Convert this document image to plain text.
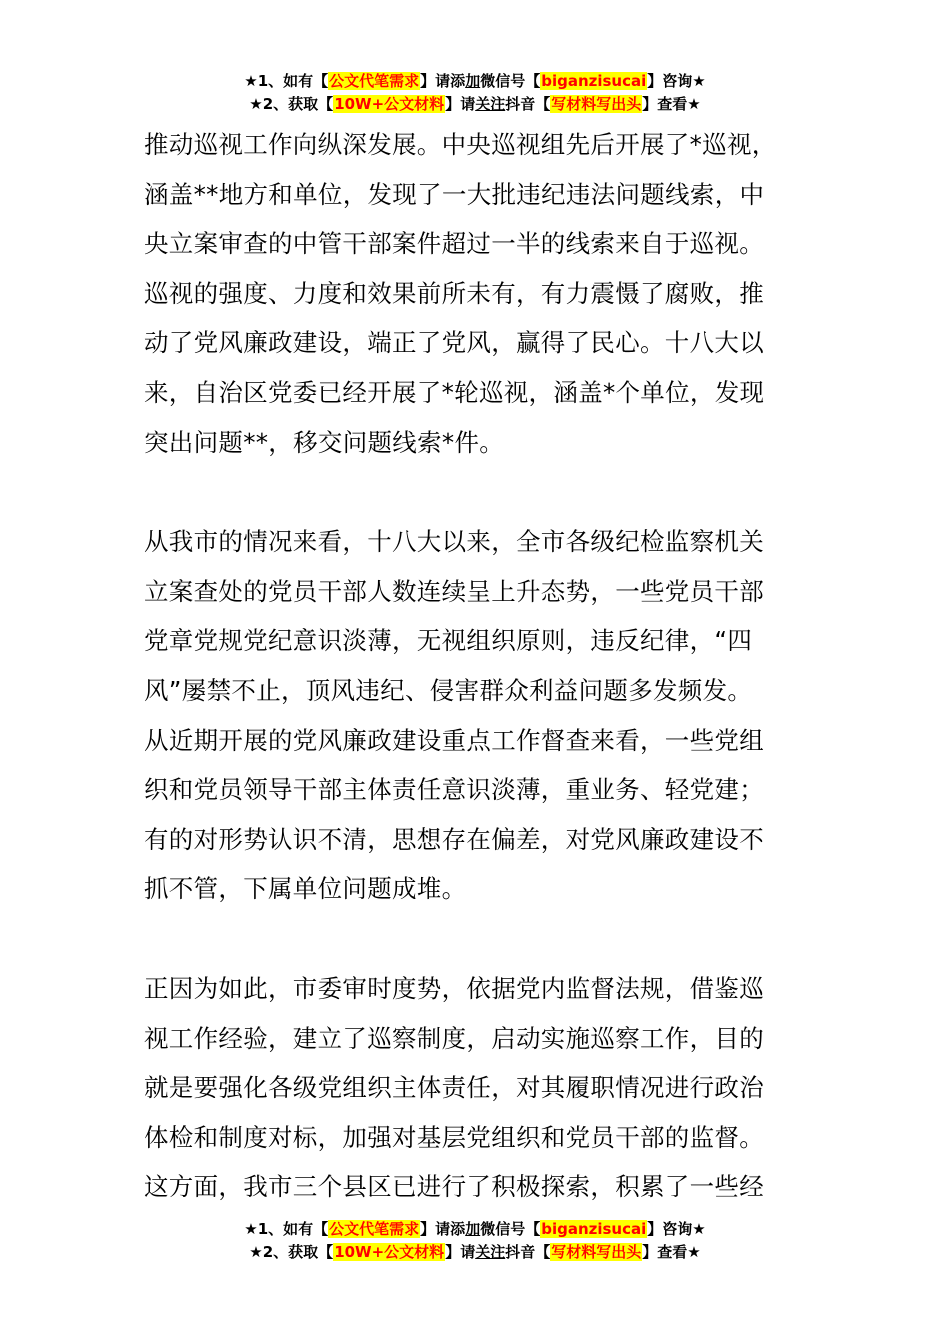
★1、如有【公文代笔需求】请添加微信号【biganzisucai】咨询★
★2、获取【10W+公文材料】请关注抖音【写材料写出头】查看★

推动巡视工作向纵深发展。中央巡视组先后开展了*巡视，

涵盖**地方和单位，发现了一大批违纪违法问题线索，中

央立案审查的中管干部案件超过一半的线索来自于巡视。

巡视的强度、力度和效果前所未有，有力震慑了腐败，推

动了党风廉政建设，端正了党风，赢得了民心。十八大以

来，自治区党委已经开展了*轮巡视，涵盖*个单位，发现

突出问题**，移交问题线索*件。

从我市的情况来看，十八大以来，全市各级纪检监察机关

立案查处的党员干部人数连续呈上升态势，一些党员干部

党章党规党纪意识淡薄，无视组织原则，违反纪律，“四

风”屡禁不止，顶风违纪、侵害群众利益问题多发频发。

从近期开展的党风廉政建设重点工作督查来看，一些党组

织和党员领导干部主体责任意识淡薄，重业务、轻党建；

有的对形势认识不清，思想存在偏差，对党风廉政建设不

抓不管，下属单位问题成堆。

正因为如此，市委审时度势，依据党内监督法规，借鉴巡

视工作经验，建立了巡察制度，启动实施巡察工作，目的

就是要强化各级党组织主体责任，对其履职情况进行政治

体检和制度对标，加强对基层党组织和党员干部的监督。

这方面，我市三个县区已进行了积极探索，积累了一些经

★1、如有【公文代笔需求】请添加微信号【biganzisucai】咨询★
★2、获取【10W+公文材料】请关注抖音【写材料写出头】查看★
